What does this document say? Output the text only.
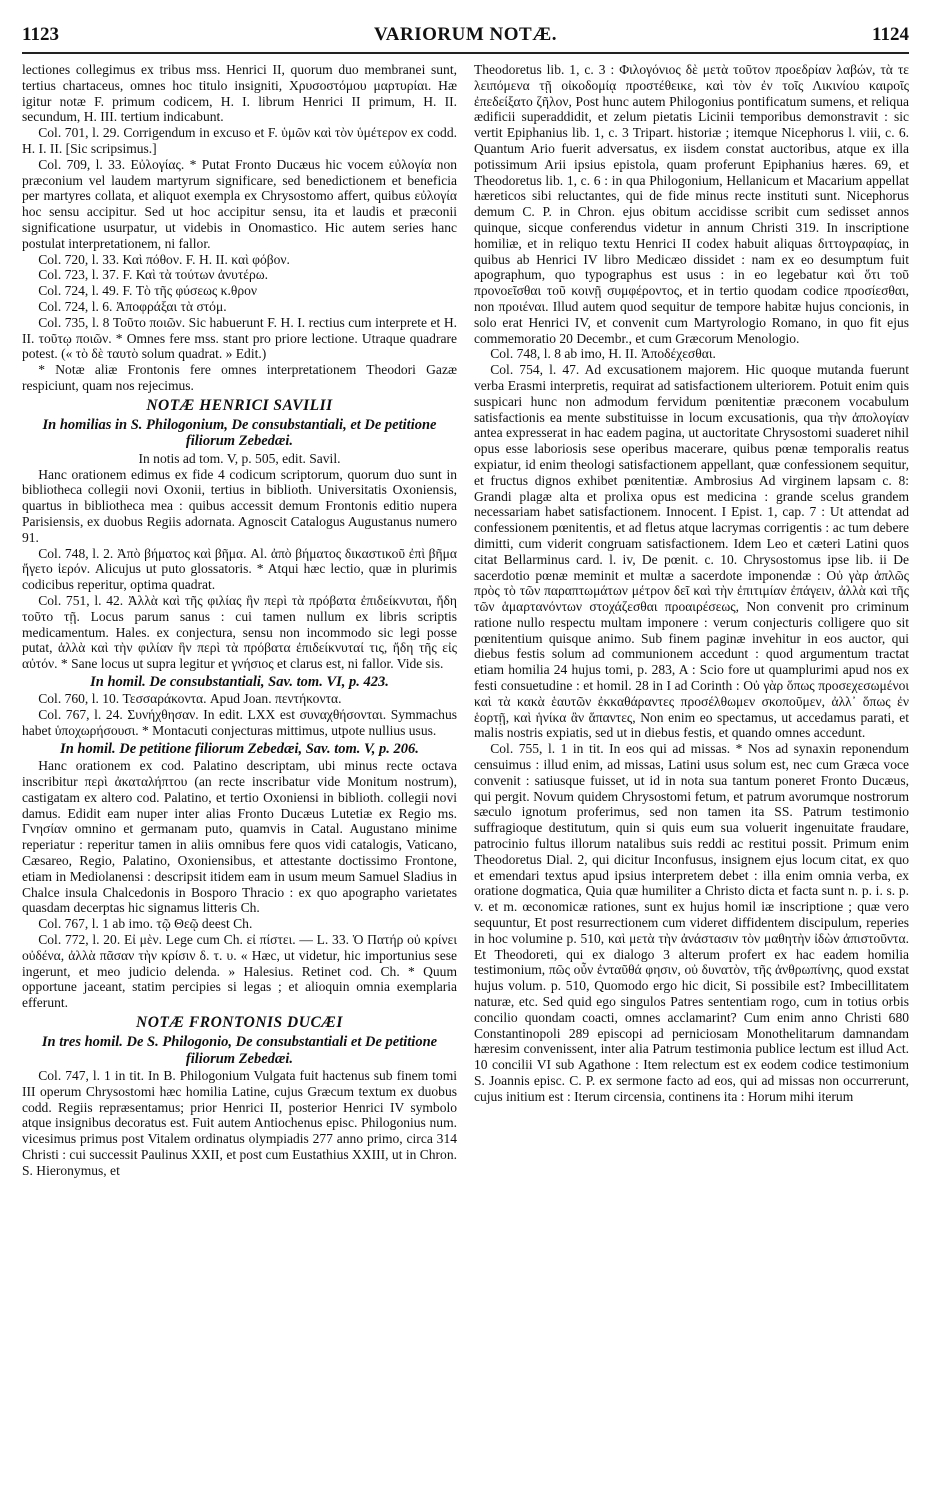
1123	VARIORUM NOTÆ.	1124

lectiones collegimus ex tribus mss. Henrici II, quorum duo membranei sunt, tertius chartaceus, omnes hoc titulo insigniti, Χρυσοστόμου μαρτυρίαι. Hæ igitur notæ F. primum codicem, H. I. librum Henrici II primum, H. II. secundum, H. III. tertium indicabunt.

Col. 701, l. 29. Corrigendum in excuso et F. ὑμῶν καὶ τὸν ὑμέτερον ex codd. H. I. II. [Sic scripsimus.]

Col. 709, l. 33. Εὐλογίας. * Putat Fronto Ducæus hic vocem εὐλογία non præconium vel laudem martyrum significare, sed benedictionem et beneficia per martyres collata, et aliquot exempla ex Chrysostomo affert, quibus εὐλογία hoc sensu accipitur. Sed ut hoc accipitur sensu, ita et laudis et præconii significatione usurpatur, ut videbis in Onomastico. Hic autem series hanc postulat interpretationem, ni fallor.

Col. 720, l. 33. Καὶ πόθον. F. H. II. καὶ φόβον.

Col. 723, l. 37. F. Καὶ τὰ τούτων ἀνυτέρω.

Col. 724, l. 49. F. Τὸ τῆς φύσεως κ.θρον

Col. 724, l. 6. Ἀποφράξαι τὰ στόμ.

Col. 735, l. 8 Τοῦτο ποιῶν. Sic habuerunt F. H. I. rectius cum interprete et H. II. τοῦτῳ ποιῶν. * Omnes fere mss. stant pro priore lectione. Utraque quadrare potest. (« τὸ δὲ ταυτὸ solum quadrat. » Edit.)

* Notæ aliæ Frontonis fere omnes interpretationem Theodori Gazæ respiciunt, quam nos rejecimus.

NOTÆ HENRICI SAVILII
In homilias in S. Philogonium, De consubstantiali, et De petitione filiorum Zebedæi.

In notis ad tom. V, p. 505, edit. Savil.

Hanc orationem edimus ex fide 4 codicum scriptorum, quorum duo sunt in bibliotheca collegii novi Oxonii, tertius in biblioth. Universitatis Oxoniensis, quartus in bibliotheca mea : quibus accessit demum Frontonis editio nupera Parisiensis, ex duobus Regiis adornata. Agnoscit Catalogus Augustanus numero 91.

Col. 748, l. 2. Ἀπὸ βήματος καὶ βῆμα. Al. ἀπὸ βήματος δικαστικοῦ ἐπὶ βῆμα ἤγετο ἱερόν. Alicujus ut puto glossatoris. * Atqui hæc lectio, quæ in plurimis codicibus reperitur, optima quadrat.

Col. 751, l. 42. Ἀλλὰ καὶ τῆς φιλίας ἣν περὶ τὰ πρόβατα ἐπιδείκνυται, ἤδη τοῦτο τῇ. Locus parum sanus : cui tamen nullum ex libris scriptis medicamentum. Hales. ex conjectura, sensu non incommodo sic legi posse putat, ἀλλὰ καὶ τὴν φιλίαν ἣν περὶ τὰ πρόβατα ἐπιδείκνυταί τις, ἤδη τῆς εἰς αὐτόν. * Sane locus ut supra legitur et γνήσιος et clarus est, ni fallor. Vide sis.

In homil. De consubstantiali, Sav. tom. VI, p. 423.

Col. 760, l. 10. Τεσσαράκοντα. Apud Joan. πεντήκοντα.

Col. 767, l. 24. Συνήχθησαν. In edit. LXX est συναχθήσονται. Symmachus habet ὑποχωρήσουσι. * Montacuti conjecturas mittimus, utpote nullius usus.

In homil. De petitione filiorum Zebedæi, Sav. tom. V, p. 206.

Hanc orationem ex cod. Palatino descriptam, ubi minus recte octava inscribitur περὶ ἀκαταλήπτου (an recte inscribatur vide Monitum nostrum), castigatam ex altero cod. Palatino, et tertio Oxoniensi in biblioth. collegii novi damus. Edidit eam nuper inter alias Fronto Ducæus Lutetiæ ex Regio ms. Γνησίαν omnino et germanam puto, quamvis in Catal. Augustano minime reperiatur : reperitur tamen in aliis omnibus fere quos vidi catalogis, Vaticano, Cæsareo, Regio, Palatino, Oxoniensibus, et attestante doctissimo Frontone, etiam in Mediolanensi : descripsit itidem eam in usum meum Samuel Sladius in Chalce insula Chalcedonis in Bosporo Thracio : ex quo apographo varietates quasdam decerptas hic signamus litteris Ch.

Col. 767, l. 1 ab imo. τῷ Θεῷ deest Ch.

Col. 772, l. 20. Εἰ μὲν. Lege cum Ch. εἰ πίστει. — L. 33. Ὁ Πατήρ οὐ κρίνει οὐδένα, ἀλλὰ πᾶσαν τὴν κρίσιν δ. τ. υ. « Hæc, ut videtur, hic importunius sese ingerunt, et meo judicio delenda. » Halesius. Retinet cod. Ch. * Quum opportune jaceant, statim percipies si legas ; et alioquin omnia exemplaria efferunt.

NOTÆ FRONTONIS DUCÆI
In tres homil. De S. Philogonio, De consubstantiali et De petitione filiorum Zebedæi.

Col. 747, l. 1 in tit. In B. Philogonium Vulgata fuit hactenus sub finem tomi III operum Chrysostomi hæc homilia Latine, cujus Græcum textum ex duobus codd. Regiis repræsentamus; prior Henrici II, posterior Henrici IV symbolo atque insignibus decoratus est. Fuit autem Antiochenus episc. Philogonius num. vicesimus primus post Vitalem ordinatus olympiadis 277 anno primo, circa 314 Christi : cui successit Paulinus XXII, et post cum Eustathius XXIII, ut in Chron. S. Hieronymus, et

Theodoretus lib. 1, c. 3 : Φιλογόνιος δὲ μετὰ τοῦτον προεδρίαν λαβών, τὰ τε λειπόμενα τῇ οἰκοδομίᾳ προστέθεικε, καὶ τὸν ἐν τοῖς Λικινίου καιροῖς ἐπεδείξατο ζῆλον, Post hunc autem Philogonius pontificatum sumens, et reliqua ædificii superaddidit, et zelum pietatis Licinii temporibus demonstravit : sic vertit Epiphanius lib. 1, c. 3 Tripart. historiæ ; itemque Nicephorus l. viii, c. 6. Quantum Ario fuerit adversatus, ex iisdem constat auctoribus, atque ex illa potissimum Arii ipsius epistola, quam proferunt Epiphanius hæres. 69, et Theodoretus lib. 1, c. 6 : in qua Philogonium, Hellanicum et Macarium appellat hæreticos sibi reluctantes, qui de fide minus recte instituti sunt. Nicephorus demum C. P. in Chron. ejus obitum accidisse scribit cum sedisset annos quinque, sicque conferendus videtur in annum Christi 319. In inscriptione homiliæ, et in reliquo textu Henrici II codex habuit aliquas διττογραφίας, in quibus ab Henrici IV libro Medicæo dissidet : nam ex eo desumptum fuit apographum, quo typographus est usus : in eo legebatur καὶ ὅτι τοῦ προνοεῖσθαι τοῦ κοινῇ συμφέροντος, et in tertio quodam codice προσίεσθαι, non προιέναι. Illud autem quod sequitur de tempore habitæ hujus concionis, in solo erat Henrici IV, et convenit cum Martyrologio Romano, in quo fit ejus commemoratio 20 Decembr., et cum Græcorum Menologio.

Col. 748, l. 8 ab imo, H. II. Ἀποδέχεσθαι.

Col. 754, l. 47. Ad excusationem majorem. Hic quoque mutanda fuerunt verba Erasmi interpretis, requirat ad satisfactionem ulteriorem. Potuit enim quis suspicari hunc non admodum fervidum pœnitentiæ præconem vocabulum satisfactionis ea mente substituisse in locum excusationis, qua τὴν ἀπολογίαν antea expresserat in hac eadem pagina, ut auctoritate Chrysostomi suaderet nihil opus esse laboriosis sese operibus macerare, quibus pœnæ temporalis reatus expiatur, id enim theologi satisfactionem appellant, quæ confessionem sequitur, et fructus dignos exhibet pœnitentiæ. Ambrosius Ad virginem lapsam c. 8: Grandi plagæ alta et prolixa opus est medicina : grande scelus grandem necessariam habet satisfactionem. Innocent. I Epist. 1, cap. 7 : Ut attendat ad confessionem pœnitentis, et ad fletus atque lacrymas corrigentis : ac tum debere dimitti, cum viderit congruam satisfactionem. Idem Leo et cæteri Latini quos citat Bellarminus card. l. iv, De pœnit. c. 10. Chrysostomus ipse lib. ii De sacerdotio pœnæ meminit et multæ a sacerdote imponendæ : Οὐ γὰρ ἁπλῶς πρὸς τὸ τῶν παραπτωμάτων μέτρον δεῖ καὶ τὴν ἐπιτιμίαν ἐπάγειν, ἀλλὰ καὶ τῆς τῶν ἁμαρτανόντων στοχάζεσθαι προαιρέσεως, Non convenit pro criminum ratione nullo respectu multam imponere : verum conjecturis colligere quo sit pœnitentium quisque animo. Sub finem paginæ invehitur in eos auctor, qui diebus festis solum ad communionem accedunt : quod argumentum tractat etiam homilia 24 hujus tomi, p. 283, A : Scio fore ut quamplurimi apud nos ex festi consuetudine : et homil. 28 in I ad Corinth : Οὐ γὰρ ὅπως προσεχεσωμένοι καὶ τὰ κακὰ ἑαυτῶν ἐκκαθάραντες προσέλθωμεν σκοποῦμεν, ἀλλ᾽ ὅπως ἐν ἑορτῇ, καὶ ἡνίκα ἂν ἅπαντες, Non enim eo spectamus, ut accedamus parati, et malis nostris expiatis, sed ut in diebus festis, et quando omnes accedunt.

Col. 755, l. 1 in tit. In eos qui ad missas. * Nos ad synaxin reponendum censuimus : illud enim, ad missas, Latini usus solum est, nec cum Græca voce convenit : satiusque fuisset, ut id in nota sua tantum poneret Fronto Ducæus, qui pergit. Novum quidem Chrysostomi fetum, et patrum avorumque nostrorum sæculo ignotum proferimus, sed non tamen ita SS. Patrum testimonio suffragioque destitutum, quin si quis eum sua voluerit ingenuitate fraudare, patrocinio fultus illorum natalibus suis reddi ac restitui possit. Primum enim Theodoretus Dial. 2, qui dicitur Inconfusus, insignem ejus locum citat, ex quo et emendari textus apud ipsius interpretem debet : illa enim omnia verba, ex oratione dogmatica, Quia quæ humiliter a Christo dicta et facta sunt n. p. i. s. p. v. et m. œconomicæ rationes, sunt ex hujus homil iæ inscriptione ; quæ vero sequuntur, Et post resurrectionem cum videret diffidentem discipulum, reperies in hoc volumine p. 510, καὶ μετὰ τὴν ἀνάστασιν τὸν μαθητὴν ἰδὼν ἀπιστοῦντα. Et Theodoreti, qui ex dialogo 3 alterum profert ex hac eadem homilia testimonium, πῶς οὖν ἐνταῦθά φησιν, οὐ δυνατὸν, τῆς ἀνθρωπίνης, quod exstat hujus volum. p. 510, Quomodo ergo hic dicit, Si possibile est? Imbecillitatem naturæ, etc. Sed quid ego singulos Patres sententiam rogo, cum in totius orbis concilio quondam coacti, omnes acclamarint? Cum enim anno Christi 680 Constantinopoli 289 episcopi ad perniciosam Monothelitarum damnandam hæresim convenissent, inter alia Patrum testimonia publice lectum est illud Act. 10 concilii VI sub Agathone : Item relectum est ex eodem codice testimonium S. Joannis episc. C. P. ex sermone facto ad eos, qui ad missas non occurrerunt, cujus initium est : Iterum circensia, continens ita : Horum mihi iterum
